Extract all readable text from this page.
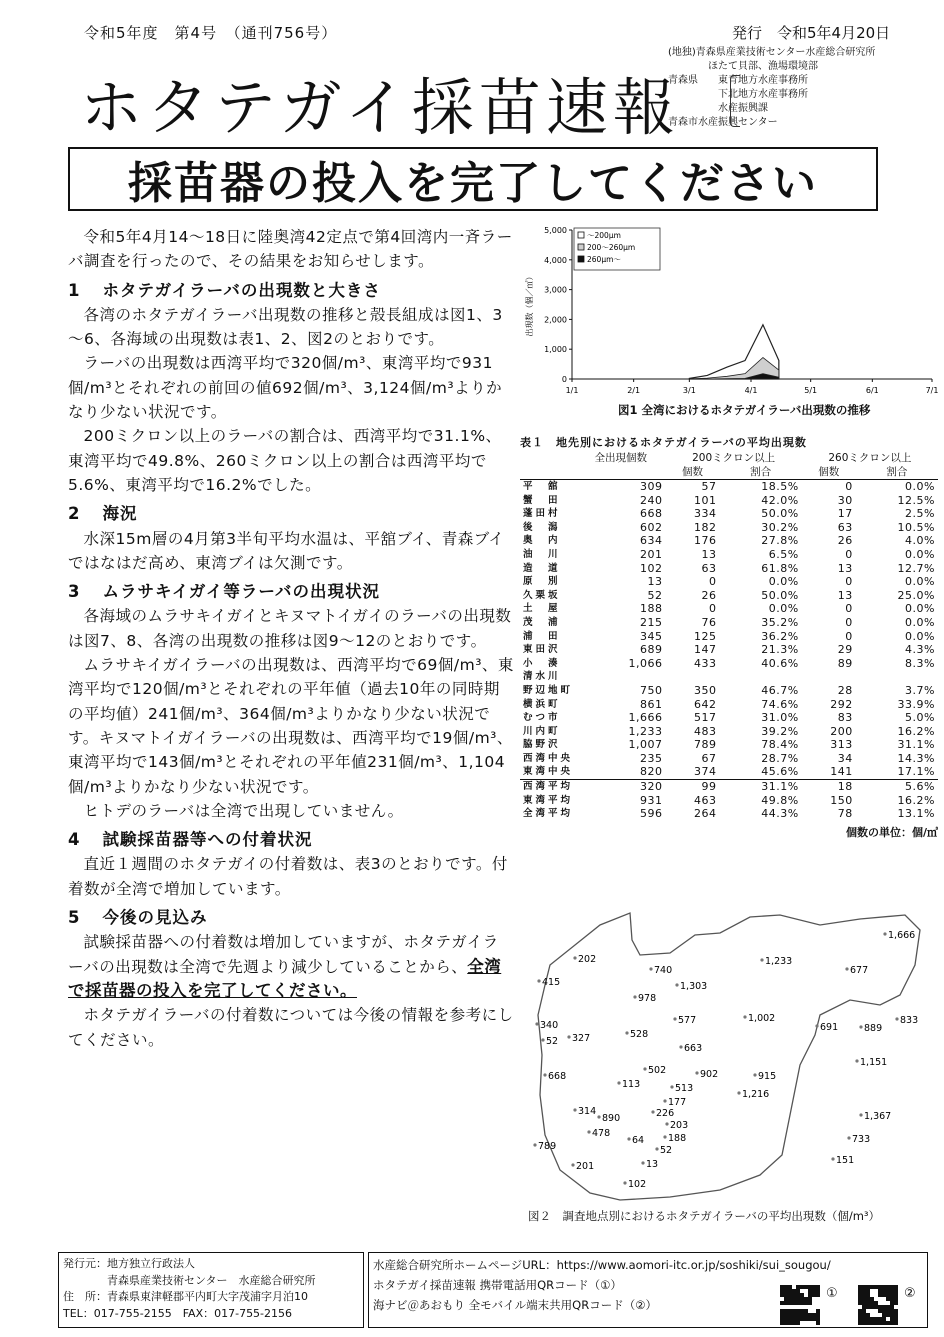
令和5年度　第4号　（通刊756号）	発行　令和5年4月20日
(地独)青森県産業技術センター水産総合研究所
　　　　ほたて貝部、漁場環境部
青森県　　東青地方水産事務所
　　　　　下北地方水産事務所
　　　　　水産振興課
青森市水産振興センター
ホタテガイ採苗速報
採苗器の投入を完了してください

令和5年4月14～18日に陸奥湾42定点で第4回湾内一斉ラーバ調査を行ったので、その結果をお知らせします。

1 ホタテガイラーバの出現数と大きさ

各湾のホタテガイラーバ出現数の推移と殻長組成は図1、3～6、各海域の出現数は表1、2、図2のとおりです。

ラーバの出現数は西湾平均で320個/m³、東湾平均で931個/m³とそれぞれの前回の値692個/m³、3,124個/m³よりかなり少ない状況です。

200ミクロン以上のラーバの割合は、西湾平均で31.1%、東湾平均で49.8%、260ミクロン以上の割合は西湾平均で5.6%、東湾平均で16.2%でした。

2 海況

水深15m層の4月第3半旬平均水温は、平舘ブイ、青森ブイではなはだ高め、東湾ブイは欠測です。

3 ムラサキイガイ等ラーバの出現状況

各海域のムラサキイガイとキヌマトイガイのラーバの出現数は図7、8、各湾の出現数の推移は図9～12のとおりです。

ムラサキイガイラーバの出現数は、西湾平均で69個/m³、東湾平均で120個/m³とそれぞれの平年値（過去10年の同時期の平均値）241個/m³、364個/m³よりかなり少ない状況です。キヌマトイガイラーバの出現数は、西湾平均で19個/m³、東湾平均で143個/m³とそれぞれの平年値231個/m³、1,104個/m³よりかなり少ない状況です。

ヒトデのラーバは全湾で出現していません。

4 試験採苗器等への付着状況

直近１週間のホタテガイの付着数は、表3のとおりです。付着数が全湾で増加しています。

5 今後の見込み

試験採苗器への付着数は増加していますが、ホタテガイラーバの出現数は全湾で先週より減少していることから、全湾で採苗器の投入を完了してください。

ホタテガイラーバの付着数については今後の情報を参考にしてください。

5,000
4,000
3,000
2,000
1,000
0
1/1	2/1	3/1	4/1	5/1	6/1	7/1
出現数（個／㎥）
～200μm
200～260μm
260μm～
図1 全湾におけるホタテガイラーバ出現数の推移
表１　地先別におけるホタテガイラーバの平均出現数
	全出現個数	200ミクロン以上		260ミクロン以上	
		個数	割合	個数	割合
平　舘	309	57	18.5%	0	0.0%
蟹　田	240	101	42.0%	30	12.5%
蓬田村	668	334	50.0%	17	2.5%
後　潟	602	182	30.2%	63	10.5%
奥　内	634	176	27.8%	26	4.0%
油　川	201	13	6.5%	0	0.0%
造　道	102	63	61.8%	13	12.7%
原　別	13	0	0.0%	0	0.0%
久栗坂	52	26	50.0%	13	25.0%
土　屋	188	0	0.0%	0	0.0%
茂　浦	215	76	35.2%	0	0.0%
浦　田	345	125	36.2%	0	0.0%
東田沢	689	147	21.3%	29	4.3%
小　湊	1,066	433	40.6%	89	8.3%
清水川					
野辺地町	750	350	46.7%	28	3.7%
横浜町	861	642	74.6%	292	33.9%
むつ市	1,666	517	31.0%	83	5.0%
川内町	1,233	483	39.2%	200	16.2%
脇野沢	1,007	789	78.4%	313	31.1%
西湾中央	235	67	28.7%	34	14.3%
東湾中央	820	374	45.6%	141	17.1%
西湾平均	320	99	31.1%	18	5.6%
東湾平均	931	463	49.8%	150	16.2%
全湾平均	596	264	44.3%	78	13.1%
個数の単位：個/㎥
202
415
740
1,303
978
1,233
677
1,666
340
327
52
528
577	1,002
691	889
833
663
1,151
668
502
113
902	915
513
177
1,216
314
890	226
203
478
64	188
52
789
201	13
102
1,367
733
151
図２　調査地点別におけるホタテガイラーバの平均出現数（個/m³）
発行元：地方独立行政法人
　　　　青森県産業技術センター　水産総合研究所
住　所：青森県東津軽郡平内町大字茂浦字月泊10
TEL：017-755-2155　FAX：017-755-2156
水産総合研究所ホームページURL：https://www.aomori-itc.or.jp/soshiki/sui_sougou/
ホタテガイ採苗速報 携帯電話用QRコード（①）
海ナビ＠あおもり 全モバイル端末共用QRコード（②）
①	②
